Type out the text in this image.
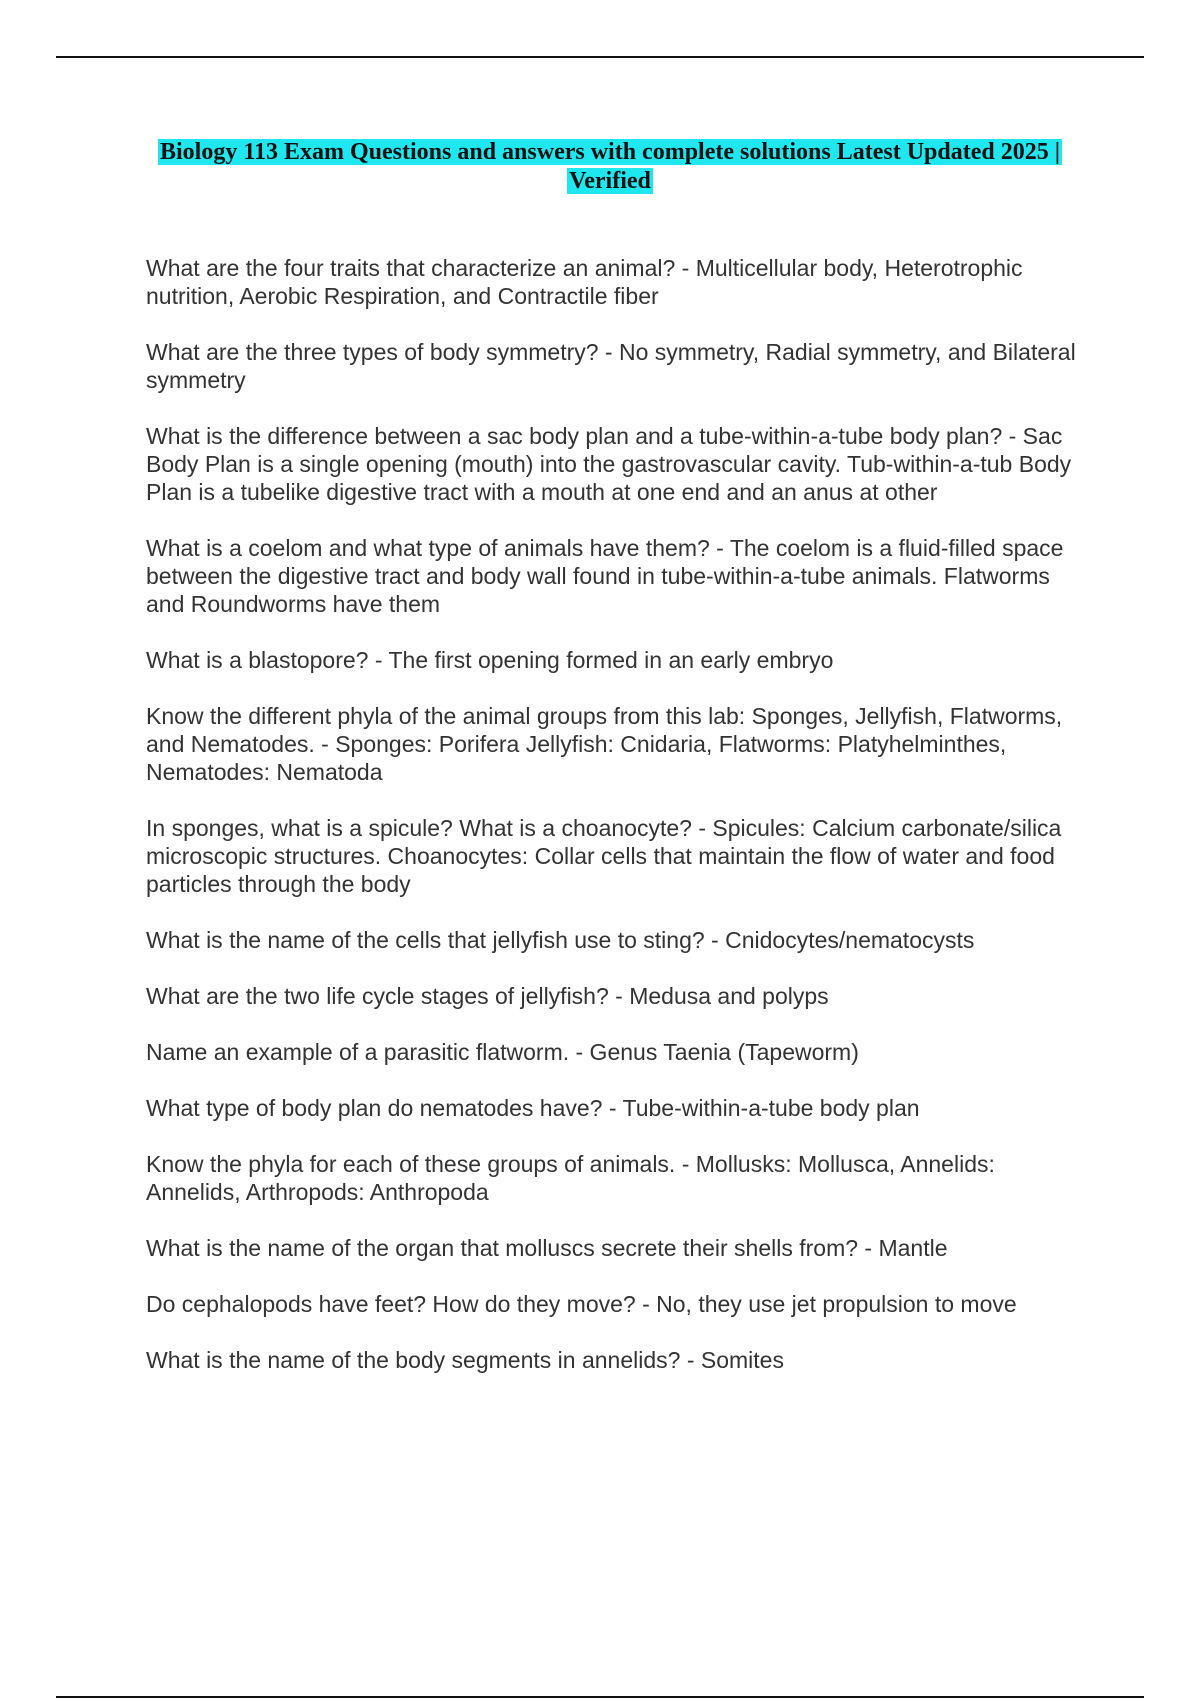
Biology 113 Exam Questions and answers with complete solutions Latest Updated 2025 | Verified
What are the four traits that characterize an animal? - Multicellular body, Heterotrophic nutrition, Aerobic Respiration, and Contractile fiber
What are the three types of body symmetry? - No symmetry, Radial symmetry, and Bilateral symmetry
What is the difference between a sac body plan and a tube-within-a-tube body plan? - Sac Body Plan is a single opening (mouth) into the gastrovascular cavity. Tub-within-a-tub Body Plan is a tubelike digestive tract with a mouth at one end and an anus at other
What is a coelom and what type of animals have them? - The coelom is a fluid-filled space between the digestive tract and body wall found in tube-within-a-tube animals. Flatworms and Roundworms have them
What is a blastopore? - The first opening formed in an early embryo
Know the different phyla of the animal groups from this lab: Sponges, Jellyfish, Flatworms, and Nematodes. - Sponges: Porifera Jellyfish: Cnidaria, Flatworms: Platyhelminthes, Nematodes: Nematoda
In sponges, what is a spicule? What is a choanocyte? - Spicules: Calcium carbonate/silica microscopic structures. Choanocytes: Collar cells that maintain the flow of water and food particles through the body
What is the name of the cells that jellyfish use to sting? - Cnidocytes/nematocysts
What are the two life cycle stages of jellyfish? - Medusa and polyps
Name an example of a parasitic flatworm. - Genus Taenia (Tapeworm)
What type of body plan do nematodes have? - Tube-within-a-tube body plan
Know the phyla for each of these groups of animals. - Mollusks: Mollusca, Annelids: Annelids, Arthropods: Anthropoda
What is the name of the organ that molluscs secrete their shells from? - Mantle
Do cephalopods have feet? How do they move? - No, they use jet propulsion to move
What is the name of the body segments in annelids? - Somites
